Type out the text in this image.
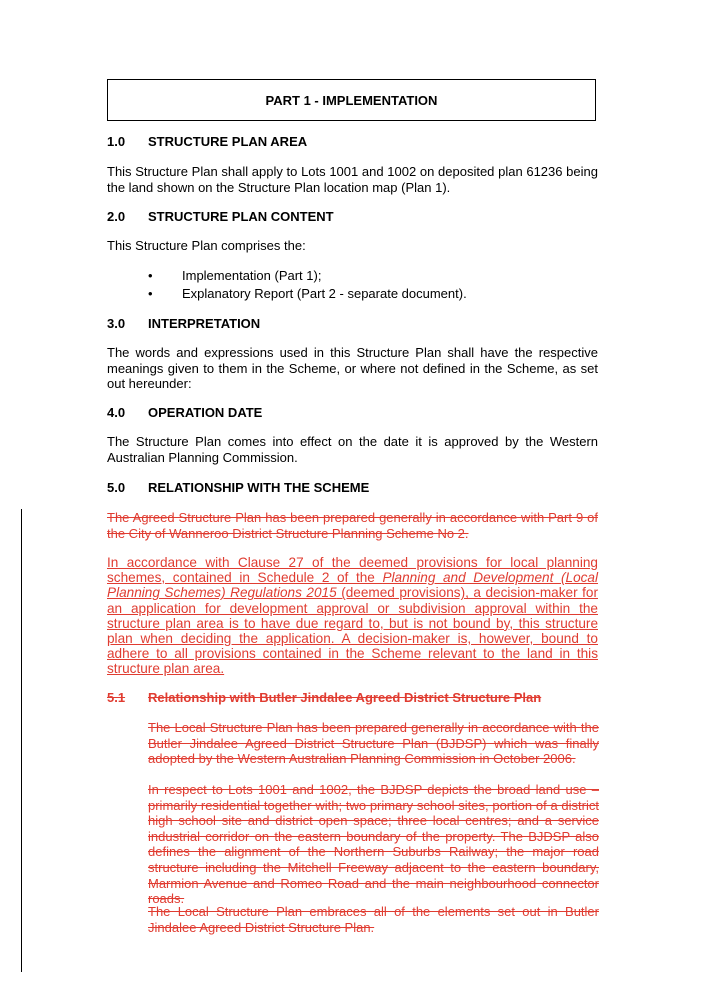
PART 1 - IMPLEMENTATION
1.0 STRUCTURE PLAN AREA
This Structure Plan shall apply to Lots 1001 and 1002 on deposited plan 61236 being the land shown on the Structure Plan location map (Plan 1).
2.0 STRUCTURE PLAN CONTENT
This Structure Plan comprises the:
• Implementation (Part 1);
• Explanatory Report (Part 2 - separate document).
3.0 INTERPRETATION
The words and expressions used in this Structure Plan shall have the respective meanings given to them in the Scheme, or where not defined in the Scheme, as set out hereunder:
4.0 OPERATION DATE
The Structure Plan comes into effect on the date it is approved by the Western Australian Planning Commission.
5.0 RELATIONSHIP WITH THE SCHEME
The Agreed Structure Plan has been prepared generally in accordance with Part 9 of the City of Wanneroo District Structure Planning Scheme No 2.
In accordance with Clause 27 of the deemed provisions for local planning schemes, contained in Schedule 2 of the Planning and Development (Local Planning Schemes) Regulations 2015 (deemed provisions), a decision-maker for an application for development approval or subdivision approval within the structure plan area is to have due regard to, but is not bound by, this structure plan when deciding the application. A decision-maker is, however, bound to adhere to all provisions contained in the Scheme relevant to the land in this structure plan area.
5.1 Relationship with Butler Jindalee Agreed District Structure Plan
The Local Structure Plan has been prepared generally in accordance with the Butler Jindalee Agreed District Structure Plan (BJDSP) which was finally adopted by the Western Australian Planning Commission in October 2006.
In respect to Lots 1001 and 1002, the BJDSP depicts the broad land use – primarily residential together with; two primary school sites, portion of a district high school site and district open space; three local centres; and a service industrial corridor on the eastern boundary of the property. The BJDSP also defines the alignment of the Northern Suburbs Railway; the major road structure including the Mitchell Freeway adjacent to the eastern boundary, Marmion Avenue and Romeo Road and the main neighbourhood connector roads.
The Local Structure Plan embraces all of the elements set out in Butler Jindalee Agreed District Structure Plan.
